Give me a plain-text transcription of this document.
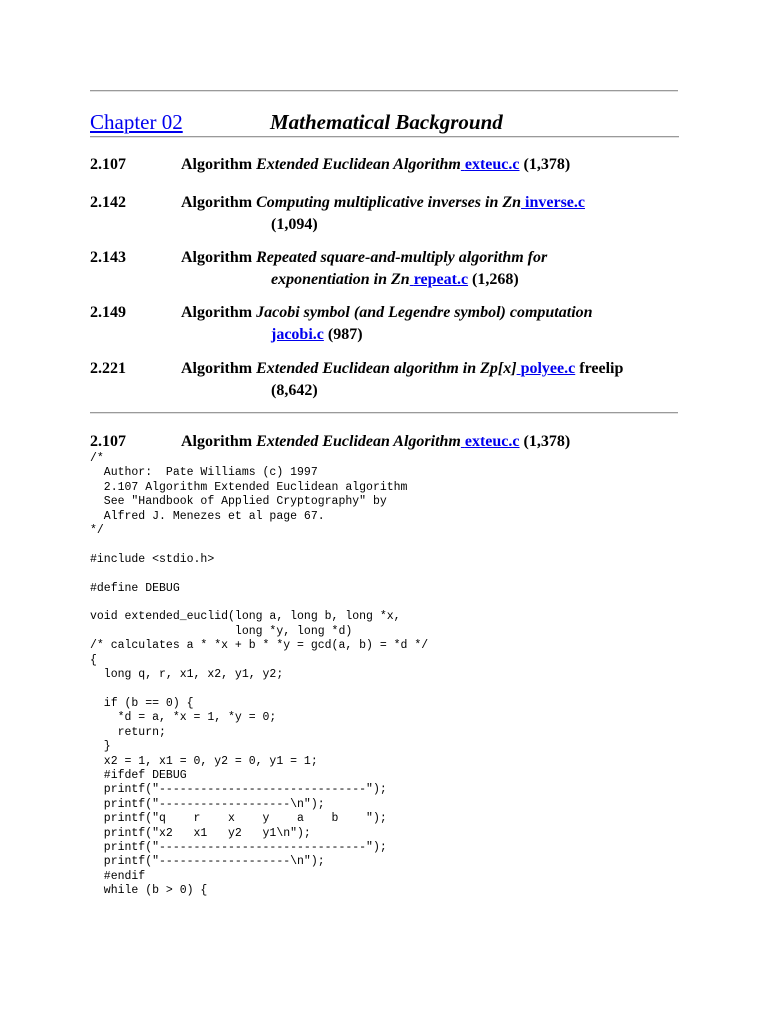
Chapter 02	Mathematical Background
2.107	Algorithm Extended Euclidean Algorithm exteuc.c (1,378)
2.142	Algorithm Computing multiplicative inverses in Zn inverse.c
(1,094)
2.143	Algorithm Repeated square-and-multiply algorithm for
exponentiation in Zn repeat.c (1,268)
2.149	Algorithm Jacobi symbol (and Legendre symbol) computation
jacobi.c (987)
2.221	Algorithm Extended Euclidean algorithm in Zp[x] polyee.c freelip
(8,642)
2.107	Algorithm Extended Euclidean Algorithm exteuc.c (1,378)
/*
Author:  Pate Williams (c) 1997
2.107 Algorithm Extended Euclidean algorithm
See "Handbook of Applied Cryptography" by
Alfred J. Menezes et al page 67.
*/

#include <stdio.h>

#define DEBUG

void extended_euclid(long a, long b, long *x,
long *y, long *d)
/* calculates a * *x + b * *y = gcd(a, b) = *d */
{
long q, r, x1, x2, y1, y2;

if (b == 0) {
*d = a, *x = 1, *y = 0;
return;
}
x2 = 1, x1 = 0, y2 = 0, y1 = 1;
#ifdef DEBUG
printf("------------------------------");
printf("-------------------\n");
printf("q    r    x    y    a    b    ");
printf("x2   x1   y2   y1\n");
printf("------------------------------");
printf("-------------------\n");
#endif
while (b > 0) {
